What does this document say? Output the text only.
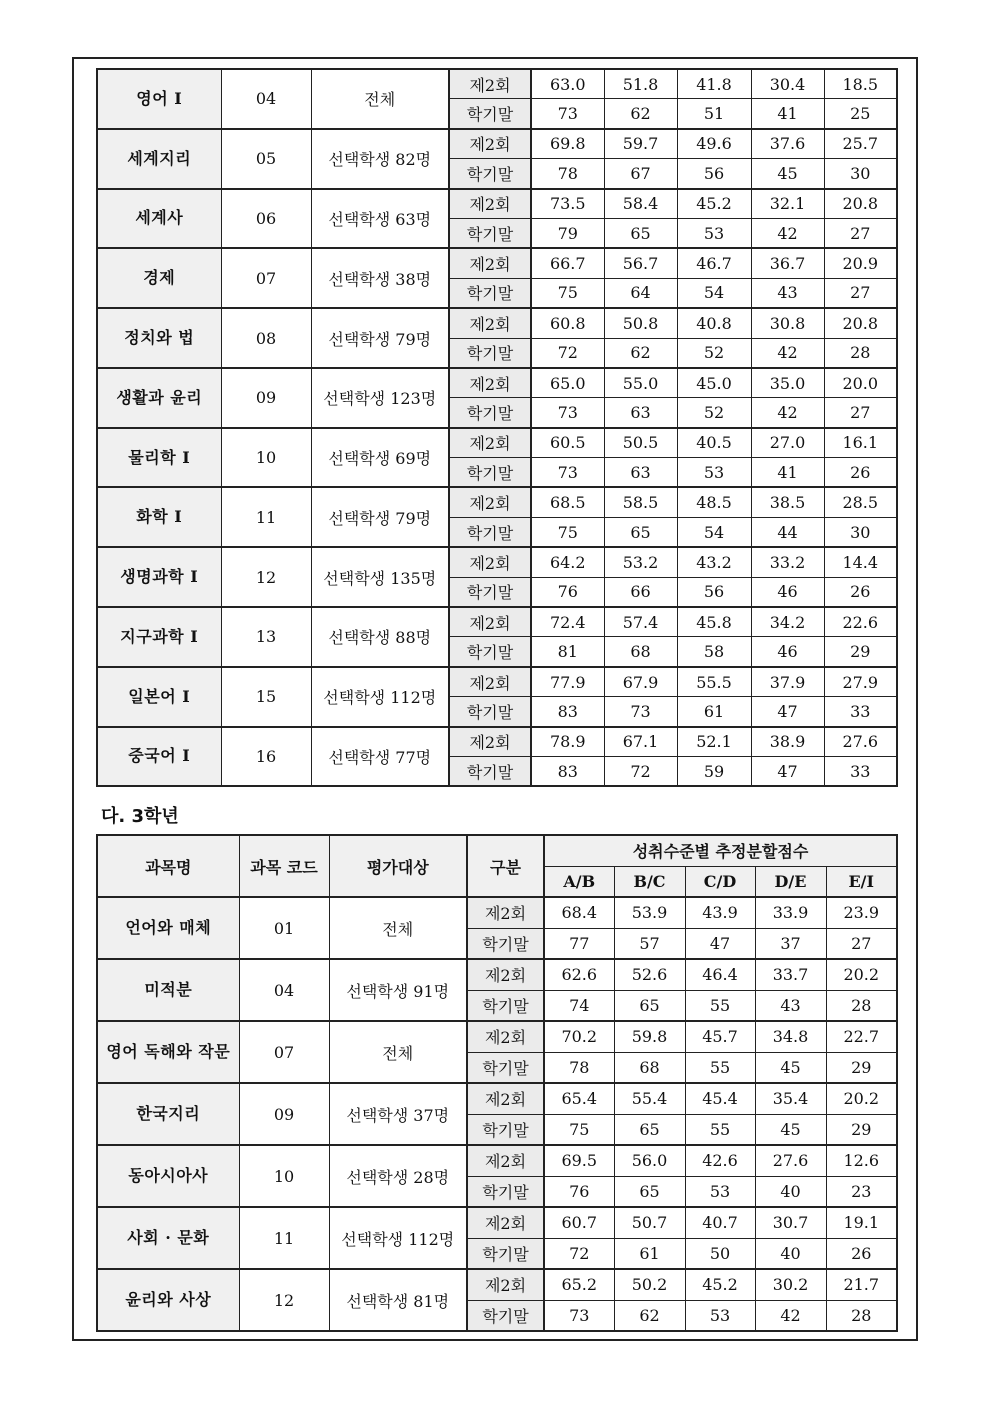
영어 I	04	전체	제2회	63.0	51.8	41.8	30.4	18.5
			학기말	73	62	51	41	25
세계지리	05	선택학생 82명	제2회	69.8	59.7	49.6	37.6	25.7
			학기말	78	67	56	45	30
세계사	06	선택학생 63명	제2회	73.5	58.4	45.2	32.1	20.8
			학기말	79	65	53	42	27
경제	07	선택학생 38명	제2회	66.7	56.7	46.7	36.7	20.9
			학기말	75	64	54	43	27
정치와 법	08	선택학생 79명	제2회	60.8	50.8	40.8	30.8	20.8
			학기말	72	62	52	42	28
생활과 윤리	09	선택학생 123명	제2회	65.0	55.0	45.0	35.0	20.0
			학기말	73	63	52	42	27
물리학 I	10	선택학생 69명	제2회	60.5	50.5	40.5	27.0	16.1
			학기말	73	63	53	41	26
화학 I	11	선택학생 79명	제2회	68.5	58.5	48.5	38.5	28.5
			학기말	75	65	54	44	30
생명과학 I	12	선택학생 135명	제2회	64.2	53.2	43.2	33.2	14.4
			학기말	76	66	56	46	26
지구과학 I	13	선택학생 88명	제2회	72.4	57.4	45.8	34.2	22.6
			학기말	81	68	58	46	29
일본어 I	15	선택학생 112명	제2회	77.9	67.9	55.5	37.9	27.9
			학기말	83	73	61	47	33
중국어 I	16	선택학생 77명	제2회	78.9	67.1	52.1	38.9	27.6
			학기말	83	72	59	47	33
다. 3학년
과목명	과목 코드	평가대상	구분	성취수준별 추정분할점수				
				A/B	B/C	C/D	D/E	E/I
언어와 매체	01	전체	제2회	68.4	53.9	43.9	33.9	23.9
			학기말	77	57	47	37	27
미적분	04	선택학생 91명	제2회	62.6	52.6	46.4	33.7	20.2
			학기말	74	65	55	43	28
영어 독해와 작문	07	전체	제2회	70.2	59.8	45.7	34.8	22.7
			학기말	78	68	55	45	29
한국지리	09	선택학생 37명	제2회	65.4	55.4	45.4	35.4	20.2
			학기말	75	65	55	45	29
동아시아사	10	선택학생 28명	제2회	69.5	56.0	42.6	27.6	12.6
			학기말	76	65	53	40	23
사회 · 문화	11	선택학생 112명	제2회	60.7	50.7	40.7	30.7	19.1
			학기말	72	61	50	40	26
윤리와 사상	12	선택학생 81명	제2회	65.2	50.2	45.2	30.2	21.7
			학기말	73	62	53	42	28
